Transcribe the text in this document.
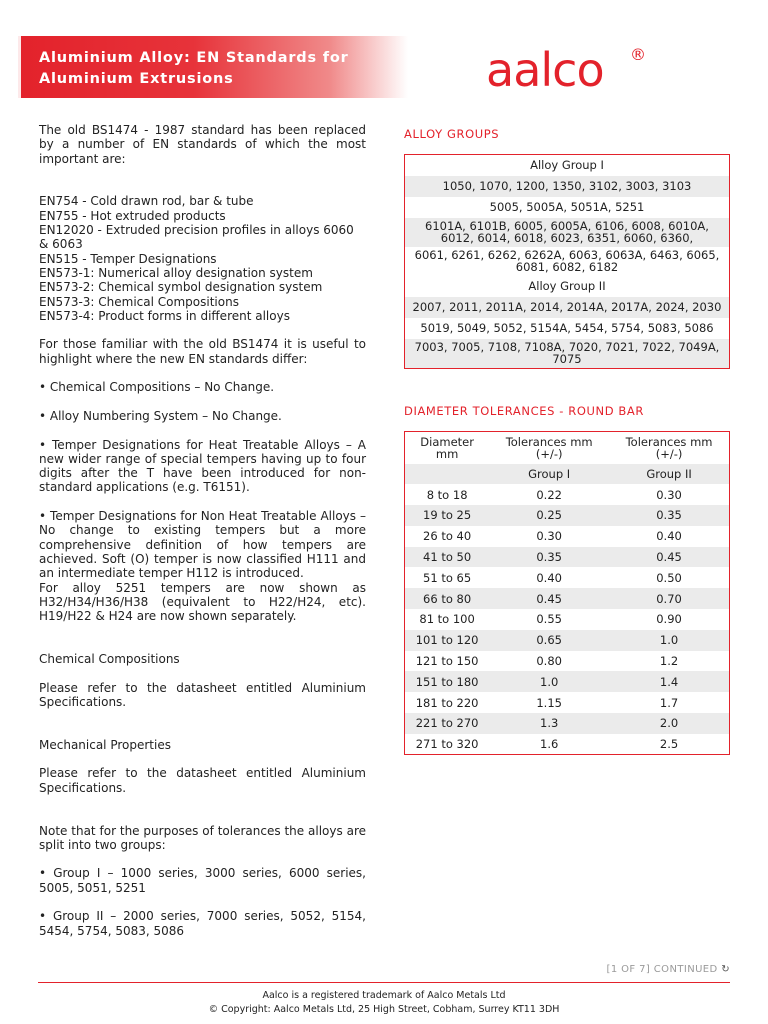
Aluminium Alloy: EN Standards for
Aluminium Extrusions	aalco ®
The old BS1474 - 1987 standard has been replaced by a number of EN standards of which the most important are:
EN754 - Cold drawn rod, bar & tube
EN755 - Hot extruded products
EN12020 - Extruded precision profiles in alloys 6060 & 6063
EN515 - Temper Designations
EN573-1: Numerical alloy designation system
EN573-2: Chemical symbol designation system
EN573-3: Chemical Compositions
EN573-4: Product forms in different alloys
For those familiar with the old BS1474 it is useful to highlight where the new EN standards differ:
• Chemical Compositions – No Change.
• Alloy Numbering System – No Change.
• Temper Designations for Heat Treatable Alloys – A new wider range of special tempers having up to four digits after the T have been introduced for non-standard applications (e.g. T6151).
• Temper Designations for Non Heat Treatable Alloys – No change to existing tempers but a more comprehensive definition of how tempers are achieved. Soft (O) temper is now classified H111 and an intermediate temper H112 is introduced.
For alloy 5251 tempers are now shown as H32/H34/H36/H38 (equivalent to H22/H24, etc). H19/H22 & H24 are now shown separately.
Chemical Compositions
Please refer to the datasheet entitled Aluminium Specifications.
Mechanical Properties
Please refer to the datasheet entitled Aluminium Specifications.
Note that for the purposes of tolerances the alloys are split into two groups:
• Group I – 1000 series, 3000 series, 6000 series, 5005, 5051, 5251
• Group II – 2000 series, 7000 series, 5052, 5154, 5454, 5754, 5083, 5086
ALLOY GROUPS
Alloy Group I
1050, 1070, 1200, 1350, 3102, 3003, 3103
5005, 5005A, 5051A, 5251
6101A, 6101B, 6005, 6005A, 6106, 6008, 6010A, 6012, 6014, 6018, 6023, 6351, 6060, 6360,
6061, 6261, 6262, 6262A, 6063, 6063A, 6463, 6065, 6081, 6082, 6182
Alloy Group II
2007, 2011, 2011A, 2014, 2014A, 2017A, 2024, 2030
5019, 5049, 5052, 5154A, 5454, 5754, 5083, 5086
7003, 7005, 7108, 7108A, 7020, 7021, 7022, 7049A, 7075
DIAMETER TOLERANCES - ROUND BAR
Diameter mm	Tolerances mm (+/-)	Tolerances mm (+/-)
	Group I	Group II
8 to 18	0.22	0.30
19 to 25	0.25	0.35
26 to 40	0.30	0.40
41 to 50	0.35	0.45
51 to 65	0.40	0.50
66 to 80	0.45	0.70
81 to 100	0.55	0.90
101 to 120	0.65	1.0
121 to 150	0.80	1.2
151 to 180	1.0	1.4
181 to 220	1.15	1.7
221 to 270	1.3	2.0
271 to 320	1.6	2.5
[1 OF 7] CONTINUED ↻
Aalco is a registered trademark of Aalco Metals Ltd
© Copyright: Aalco Metals Ltd, 25 High Street, Cobham, Surrey KT11 3DH
